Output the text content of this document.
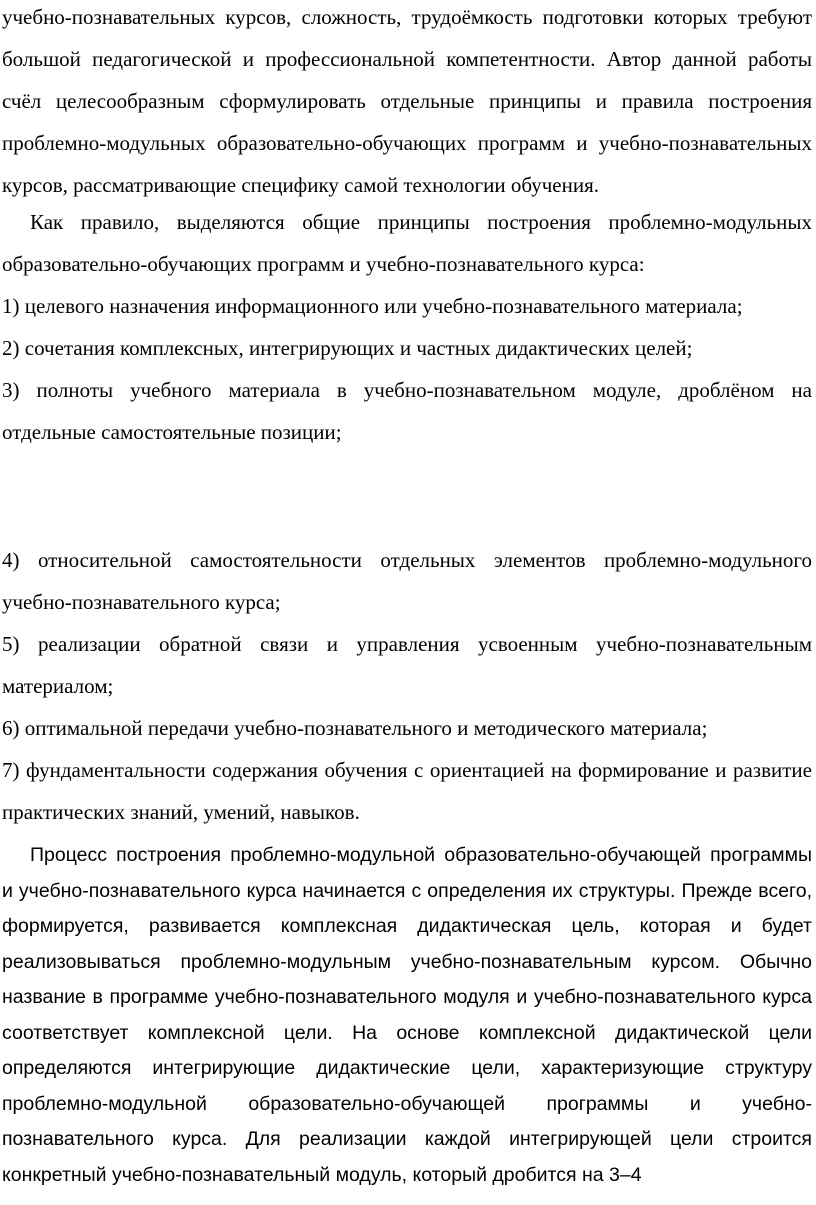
учебно-познавательных курсов, сложность, трудоёмкость подготовки которых требуют большой педагогической и профессиональной компетентности. Автор данной работы счёл целесообразным сформулировать отдельные принципы и правила построения проблемно-модульных образовательно-обучающих программ и учебно-познавательных курсов, рассматривающие специфику самой технологии обучения.

Как правило, выделяются общие принципы построения проблемно-модульных образовательно-обучающих программ и учебно-познавательного курса:

1) целевого назначения информационного или учебно-познавательного материала;

2) сочетания комплексных, интегрирующих и частных дидактических целей;

3) полноты учебного материала в учебно-познавательном модуле, дроблёном на отдельные самостоятельные позиции;

4) относительной самостоятельности отдельных элементов проблемно-модульного учебно-познавательного курса;

5) реализации обратной связи и управления усвоенным учебно-познавательным материалом;

6) оптимальной передачи учебно-познавательного и методического материала;

7) фундаментальности содержания обучения с ориентацией на формирование и развитие практических знаний, умений, навыков.

Процесс построения проблемно-модульной образовательно-обучающей программы и учебно-познавательного курса начинается с определения их структуры. Прежде всего, формируется, развивается комплексная дидактическая цель, которая и будет реализовываться проблемно-модульным учебно-познавательным курсом. Обычно название в программе учебно-познавательного модуля и учебно-познавательного курса соответствует комплексной цели. На основе комплексной дидактической цели определяются интегрирующие дидактические цели, характеризующие структуру проблемно-модульной образовательно-обучающей программы и учебно-познавательного курса. Для реализации каждой интегрирующей цели строится конкретный учебно-познавательный модуль, который дробится на 3–4
